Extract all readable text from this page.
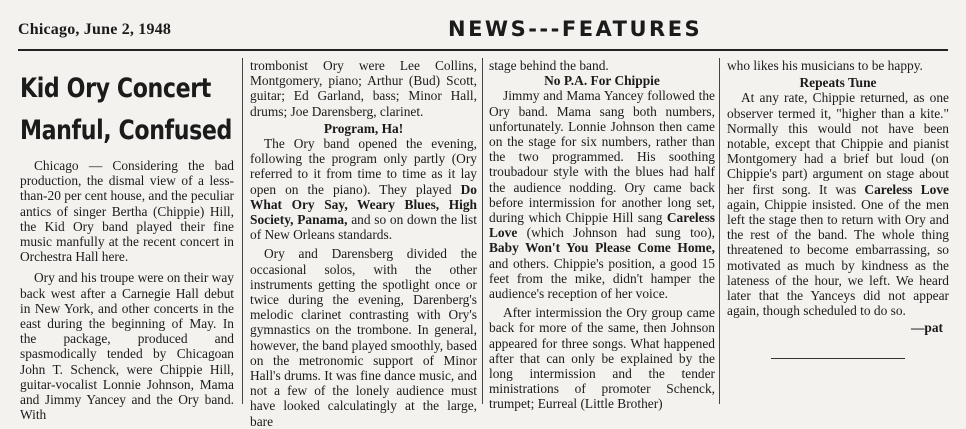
Chicago, June 2, 1948	NEWS---FEATURES
Kid Ory Concert
Manful, Confused

Chicago — Considering the bad production, the dismal view of a less-than-20 per cent house, and the peculiar antics of singer Bertha (Chippie) Hill, the Kid Ory band played their fine music manfully at the recent concert in Orchestra Hall here.

Ory and his troupe were on their way back west after a Carnegie Hall debut in New York, and other concerts in the east during the beginning of May. In the package, produced and spasmodically tended by Chicagoan John T. Schenck, were Chippie Hill, guitar-vocalist Lonnie Johnson, Mama and Jimmy Yancey and the Ory band. With

trombonist Ory were Lee Collins, Montgomery, piano; Arthur (Bud) Scott, guitar; Ed Garland, bass; Minor Hall, drums; Joe Darensberg, clarinet.

Program, Ha!

The Ory band opened the evening, following the program only partly (Ory referred to it from time to time as it lay open on the piano). They played Do What Ory Say, Weary Blues, High Society, Panama, and so on down the list of New Orleans standards.

Ory and Darensberg divided the occasional solos, with the other instruments getting the spotlight once or twice during the evening, Darenberg's melodic clarinet contrasting with Ory's gymnastics on the trombone. In general, however, the band played smoothly, based on the metronomic support of Minor Hall's drums. It was fine dance music, and not a few of the lonely audience must have looked calculatingly at the large, bare

stage behind the band.

No P.A. For Chippie

Jimmy and Mama Yancey followed the Ory band. Mama sang both numbers, unfortunately. Lonnie Johnson then came on the stage for six numbers, rather than the two programmed. His soothing troubadour style with the blues had half the audience nodding. Ory came back before intermission for another long set, during which Chippie Hill sang Careless Love (which Johnson had sung too), Baby Won't You Please Come Home, and others. Chippie's position, a good 15 feet from the mike, didn't hamper the audience's reception of her voice.

After intermission the Ory group came back for more of the same, then Johnson appeared for three songs. What happened after that can only be explained by the long intermission and the tender ministrations of promoter Schenck, trumpet; Eurreal (Little Brother)

who likes his musicians to be happy.

Repeats Tune

At any rate, Chippie returned, as one observer termed it, "higher than a kite." Normally this would not have been notable, except that Chippie and pianist Montgomery had a brief but loud (on Chippie's part) argument on stage about her first song. It was Careless Love again, Chippie insisted. One of the men left the stage then to return with Ory and the rest of the band. The whole thing threatened to become embarrassing, so motivated as much by kindness as the lateness of the hour, we left. We heard later that the Yanceys did not appear again, though scheduled to do so.

—pat
